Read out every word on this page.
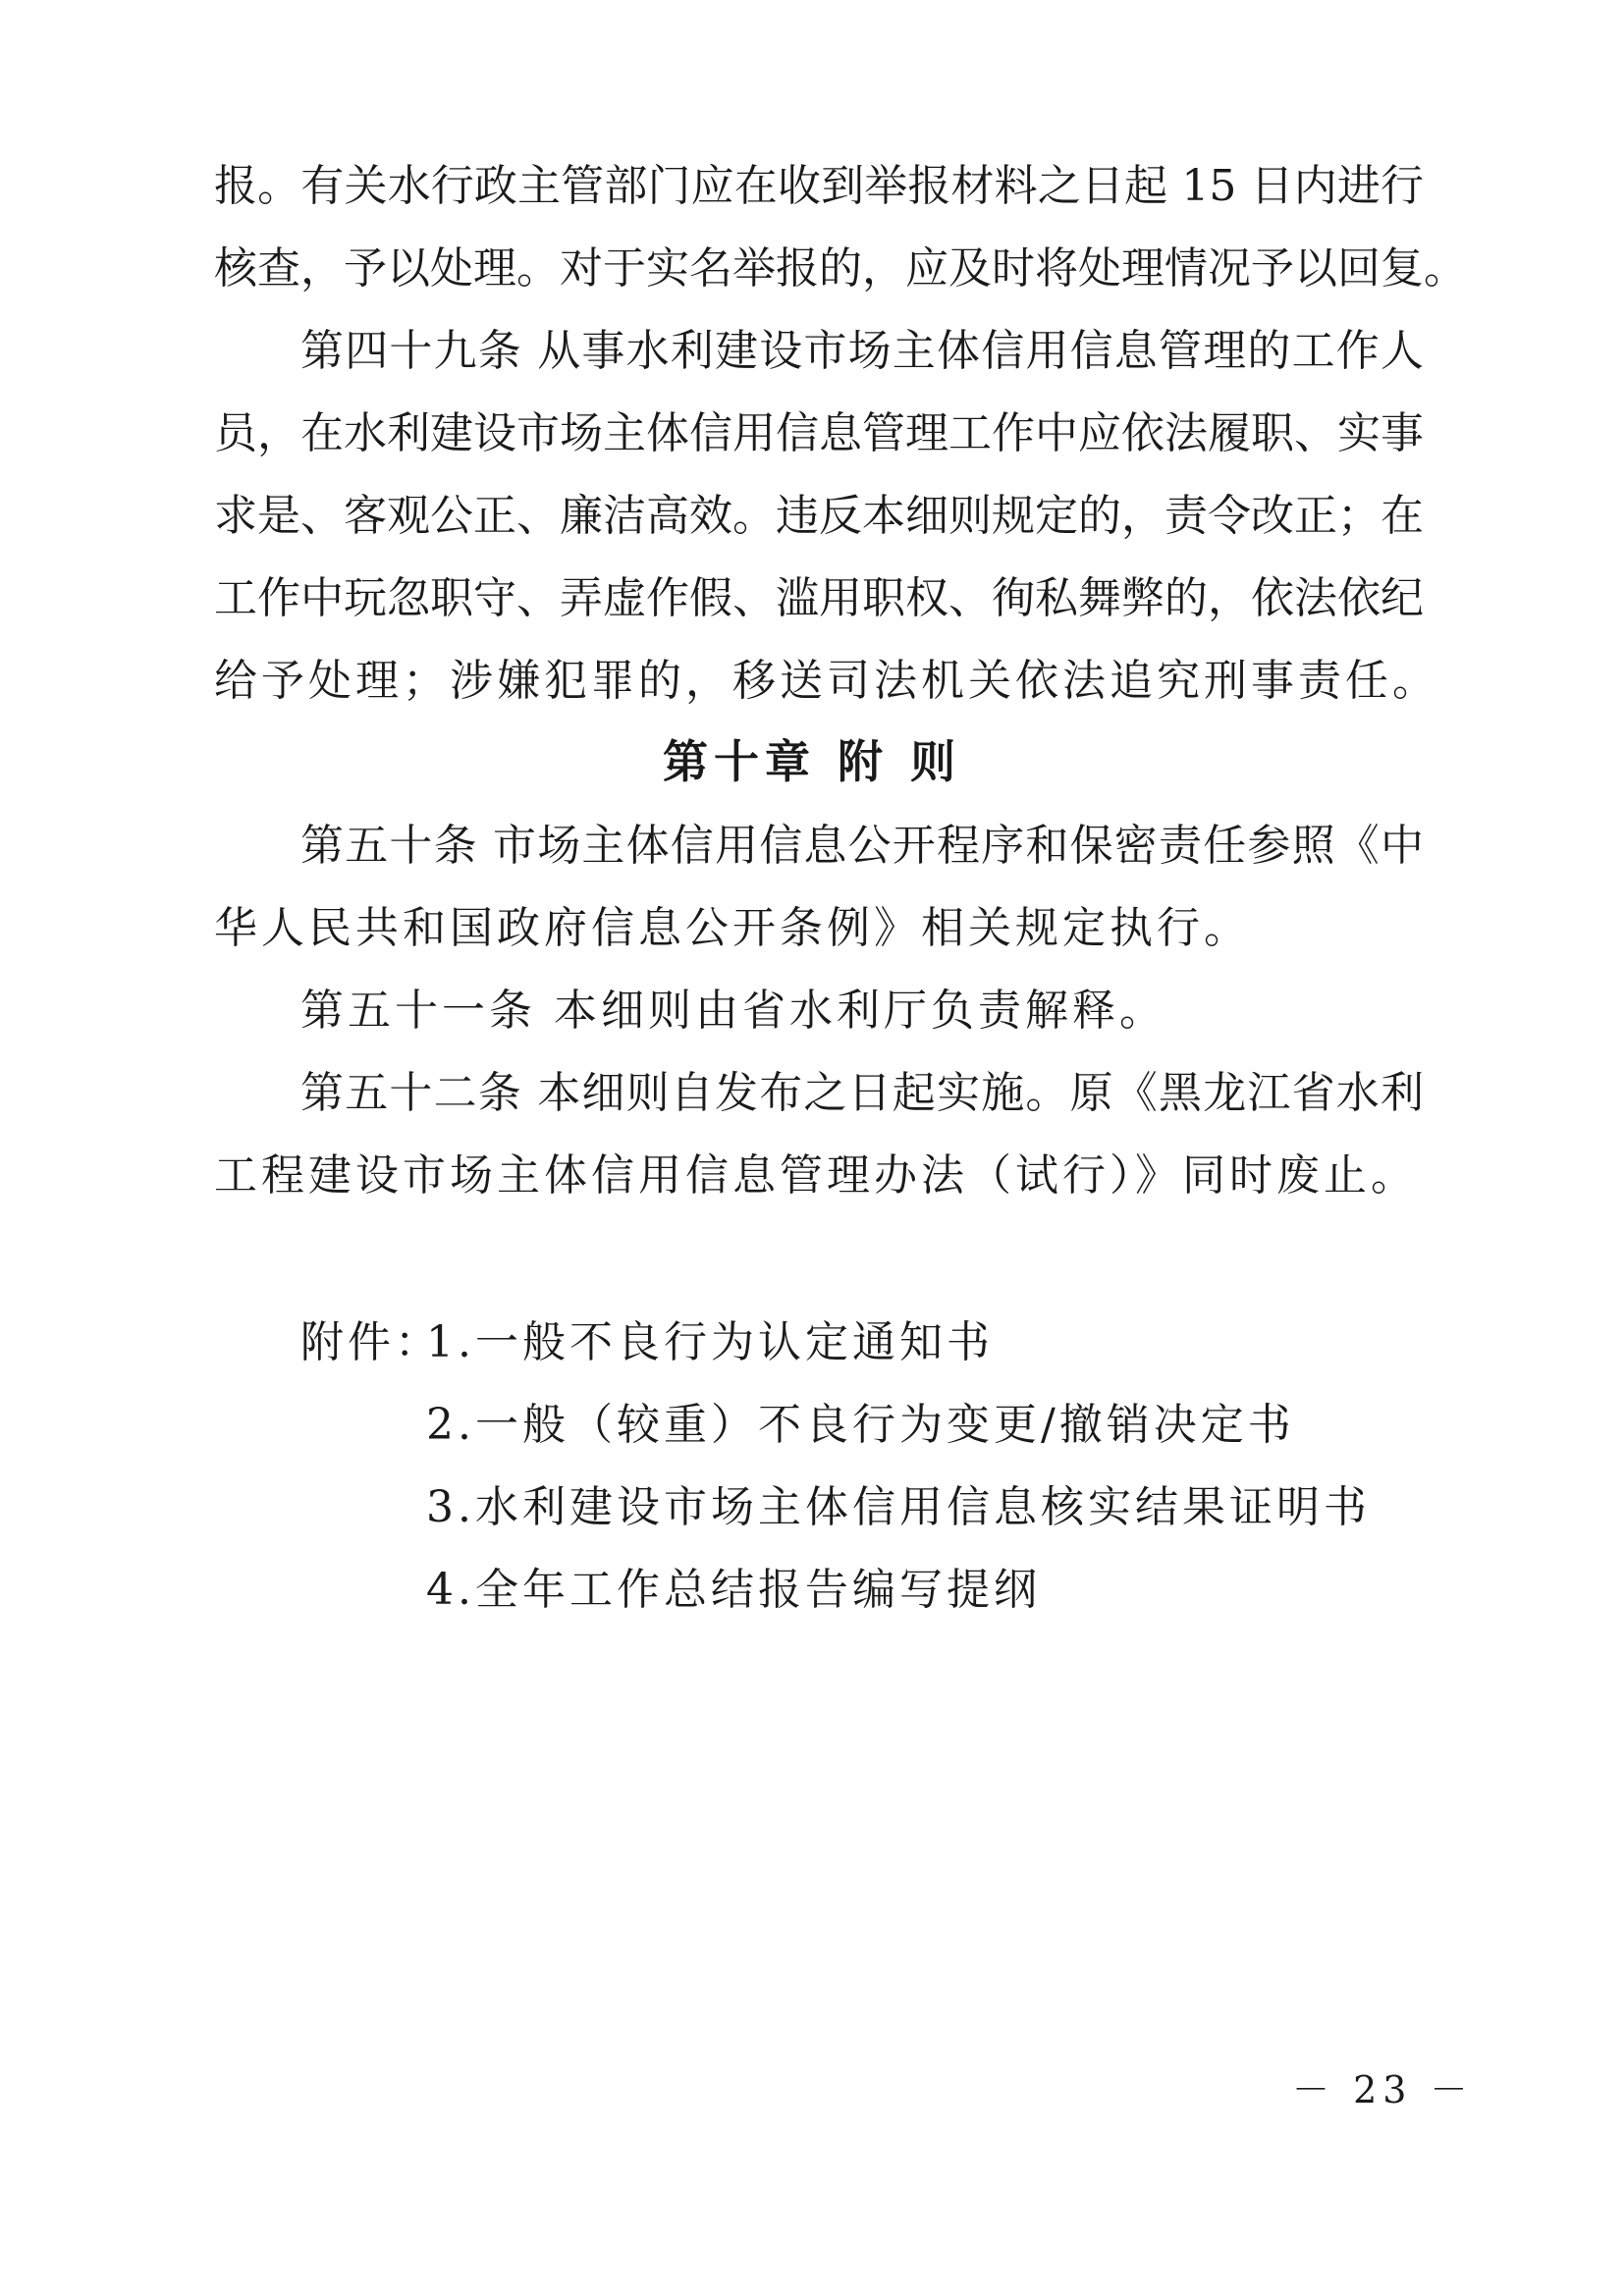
报。有关水行政主管部门应在收到举报材料之日起 15 日内进行
核查，予以处理。对于实名举报的，应及时将处理情况予以回复。
第四十九条 从事水利建设市场主体信用信息管理的工作人
员，在水利建设市场主体信用信息管理工作中应依法履职、实事
求是、客观公正、廉洁高效。违反本细则规定的，责令改正；在
工作中玩忽职守、弄虚作假、滥用职权、徇私舞弊的，依法依纪
给予处理；涉嫌犯罪的，移送司法机关依法追究刑事责任。
第十章 附 则
第五十条 市场主体信用信息公开程序和保密责任参照《中
华人民共和国政府信息公开条例》相关规定执行。
第五十一条 本细则由省水利厅负责解释。
第五十二条 本细则自发布之日起实施。原《黑龙江省水利
工程建设市场主体信用信息管理办法（试行）》同时废止。
附件：
1.一般不良行为认定通知书
2.一般（较重）不良行为变更/撤销决定书
3.水利建设市场主体信用信息核实结果证明书
4.全年工作总结报告编写提纲
－ 23 －
